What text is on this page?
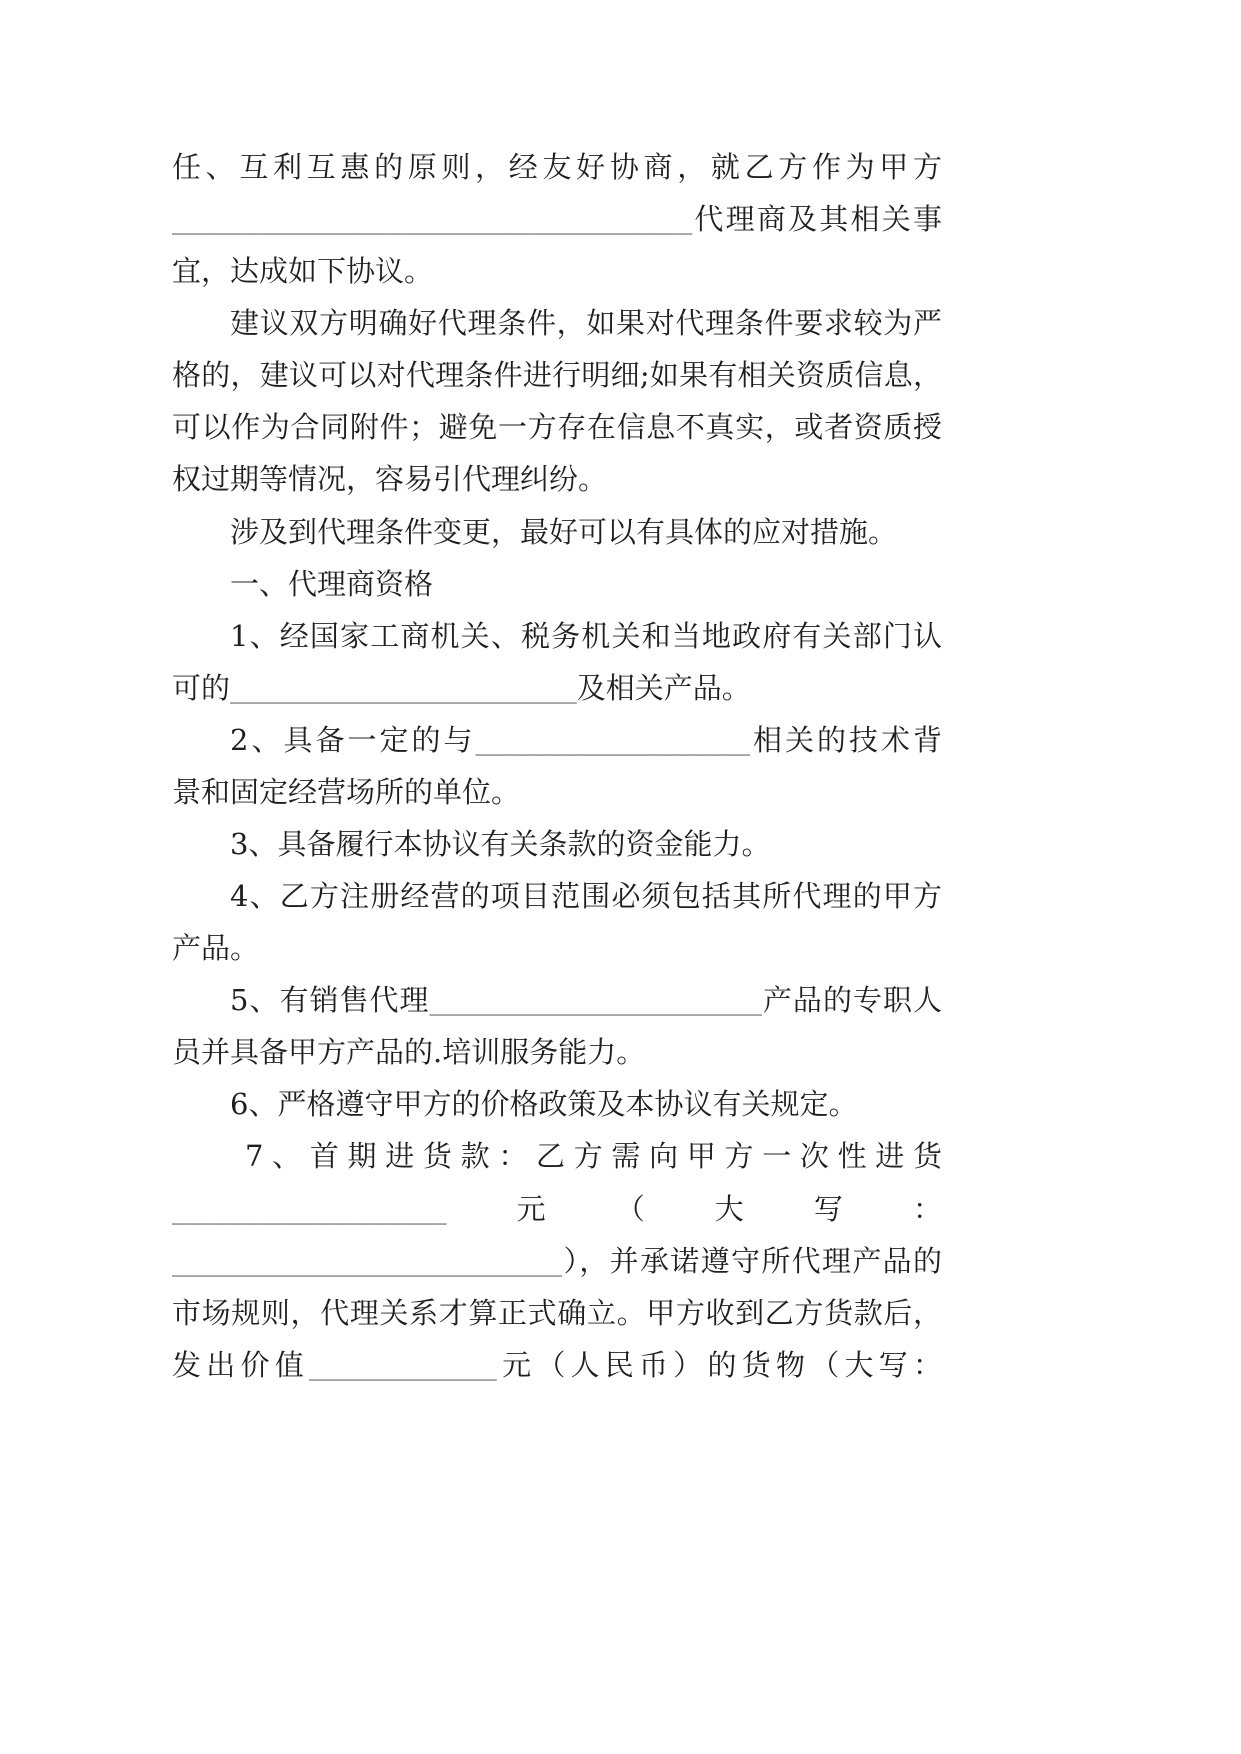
任、互利互惠的原则，经友好协商，就乙方作为甲方
____________________________________代理商及其相关事
宜，达成如下协议。
建议双方明确好代理条件，如果对代理条件要求较为严
格的，建议可以对代理条件进行明细;如果有相关资质信息，
可以作为合同附件；避免一方存在信息不真实，或者资质授
权过期等情况，容易引代理纠纷。
涉及到代理条件变更，最好可以有具体的应对措施。
一、代理商资格
1、经国家工商机关、税务机关和当地政府有关部门认
可的________________________及相关产品。
2、具备一定的与___________________相关的技术背
景和固定经营场所的单位。
3、具备履行本协议有关条款的资金能力。
4、乙方注册经营的项目范围必须包括其所代理的甲方
产品。
5、有销售代理_______________________产品的专职人
员并具备甲方产品的.培训服务能力。
6、严格遵守甲方的价格政策及本协议有关规定。
7、首期进货款：乙方需向甲方一次性进货
___________________元（大写：
___________________________），并承诺遵守所代理产品的
市场规则，代理关系才算正式确立。甲方收到乙方货款后，
发出价值_____________元（人民币）的货物（大写：
